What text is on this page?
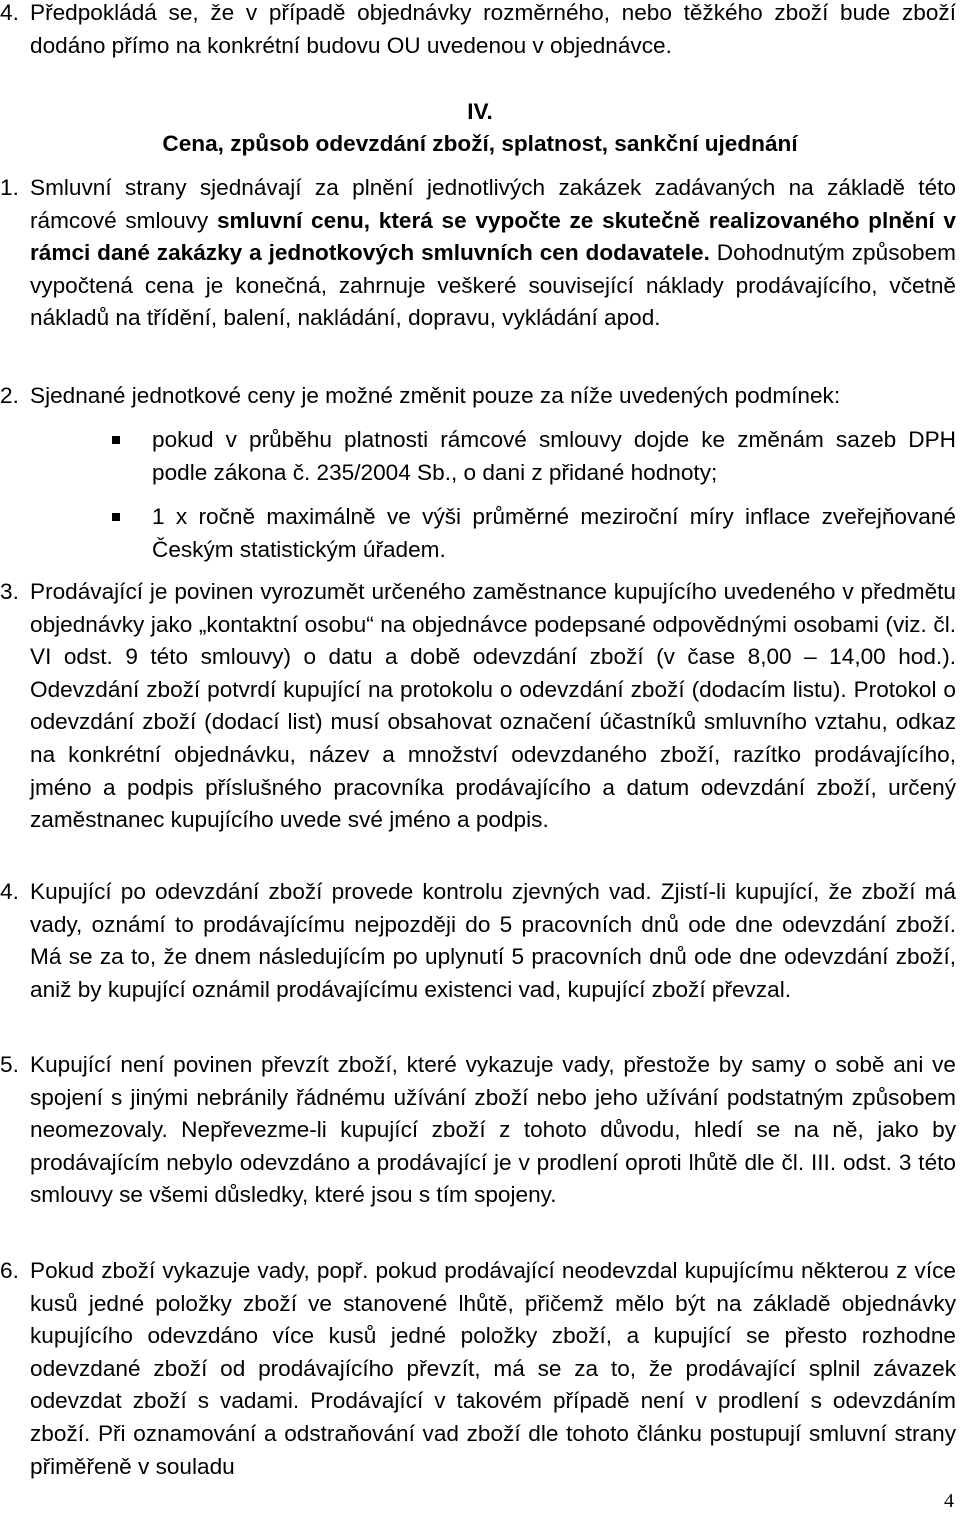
4. Předpokládá se, že v případě objednávky rozměrného, nebo těžkého zboží bude zboží dodáno přímo na konkrétní budovu OU uvedenou v objednávce.
IV.
Cena, způsob odevzdání zboží, splatnost, sankční ujednání
1. Smluvní strany sjednávají za plnění jednotlivých zakázek zadávaných na základě této rámcové smlouvy smluvní cenu, která se vypočte ze skutečně realizovaného plnění v rámci dané zakázky a jednotkových smluvních cen dodavatele. Dohodnutým způsobem vypočtená cena je konečná, zahrnuje veškeré související náklady prodávajícího, včetně nákladů na třídění, balení, nakládání, dopravu, vykládání apod.
2. Sjednané jednotkové ceny je možné změnit pouze za níže uvedených podmínek:
pokud v průběhu platnosti rámcové smlouvy dojde ke změnám sazeb DPH podle zákona č. 235/2004 Sb., o dani z přidané hodnoty;
1 x ročně maximálně ve výši průměrné meziroční míry inflace zveřejňované Českým statistickým úřadem.
3. Prodávající je povinen vyrozumět určeného zaměstnance kupujícího uvedeného v předmětu objednávky jako „kontaktní osobu“ na objednávce podepsané odpovědnými osobami (viz. čl. VI odst. 9 této smlouvy) o datu a době odevzdání zboží (v čase 8,00 – 14,00 hod.). Odevzdání zboží potvrdí kupující na protokolu o odevzdání zboží (dodacím listu). Protokol o odevzdání zboží (dodací list) musí obsahovat označení účastníků smluvního vztahu, odkaz na konkrétní objednávku, název a množství odevzdaného zboží, razítko prodávajícího, jméno a podpis příslušného pracovníka prodávajícího a datum odevzdání zboží, určený zaměstnanec kupujícího uvede své jméno a podpis.
4. Kupující po odevzdání zboží provede kontrolu zjevných vad. Zjistí-li kupující, že zboží má vady, oznámí to prodávajícímu nejpozději do 5 pracovních dnů ode dne odevzdání zboží. Má se za to, že dnem následujícím po uplynutí 5 pracovních dnů ode dne odevzdání zboží, aniž by kupující oznámil prodávajícímu existenci vad, kupující zboží převzal.
5. Kupující není povinen převzít zboží, které vykazuje vady, přestože by samy o sobě ani ve spojení s jinými nebránily řádnému užívání zboží nebo jeho užívání podstatným způsobem neomezovaly. Nepřevezme-li kupující zboží z tohoto důvodu, hledí se na ně, jako by prodávajícím nebylo odevzdáno a prodávající je v prodlení oproti lhůtě dle čl. III. odst. 3 této smlouvy se všemi důsledky, které jsou s tím spojeny.
6. Pokud zboží vykazuje vady, popř. pokud prodávající neodevzdal kupujícímu některou z více kusů jedné položky zboží ve stanovené lhůtě, přičemž mělo být na základě objednávky kupujícího odevzdáno více kusů jedné položky zboží, a kupující se přesto rozhodne odevzdané zboží od prodávajícího převzít, má se za to, že prodávající splnil závazek odevzdat zboží s vadami. Prodávající v takovém případě není v prodlení s odevzdáním zboží. Při oznamování a odstraňování vad zboží dle tohoto článku postupují smluvní strany přiměřeně v souladu
4
